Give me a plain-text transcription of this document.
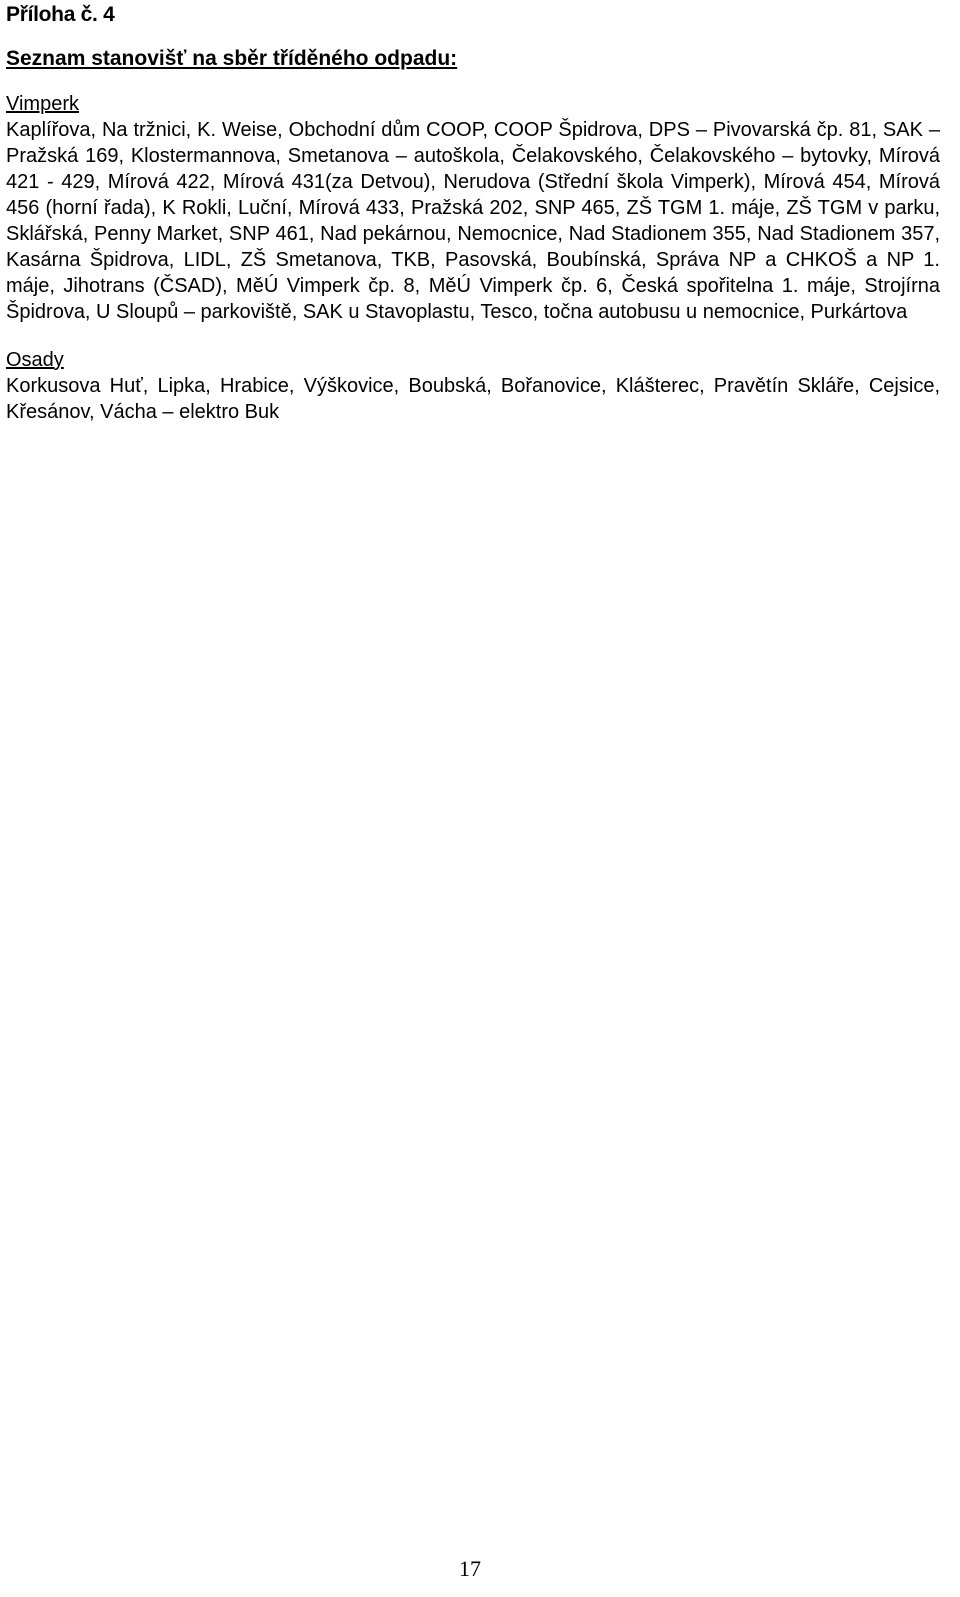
Příloha č. 4

Seznam stanovišť na sběr tříděného odpadu:

Vimperk

Kaplířova, Na tržnici, K. Weise, Obchodní dům COOP, COOP Špidrova, DPS – Pivovarská čp. 81, SAK – Pražská 169, Klostermannova, Smetanova – autoškola, Čelakovského, Čelakovského – bytovky, Mírová 421 - 429, Mírová 422, Mírová 431(za Detvou), Nerudova (Střední škola Vimperk), Mírová 454, Mírová 456 (horní řada), K Rokli, Luční, Mírová 433, Pražská 202, SNP 465, ZŠ TGM 1. máje, ZŠ TGM v parku, Sklářská, Penny Market, SNP 461, Nad pekárnou, Nemocnice, Nad Stadionem 355, Nad Stadionem 357, Kasárna Špidrova, LIDL, ZŠ Smetanova, TKB, Pasovská, Boubínská, Správa NP a CHKOŠ a NP 1. máje, Jihotrans (ČSAD), MěÚ Vimperk čp. 8, MěÚ Vimperk čp. 6, Česká spořitelna 1. máje, Strojírna Špidrova, U Sloupů – parkoviště, SAK u Stavoplastu, Tesco, točna autobusu u nemocnice, Purkártova

Osady

Korkusova Huť, Lipka, Hrabice, Výškovice, Boubská, Bořanovice, Klášterec, Pravětín Skláře, Cejsice, Křesánov, Vácha – elektro Buk

17
